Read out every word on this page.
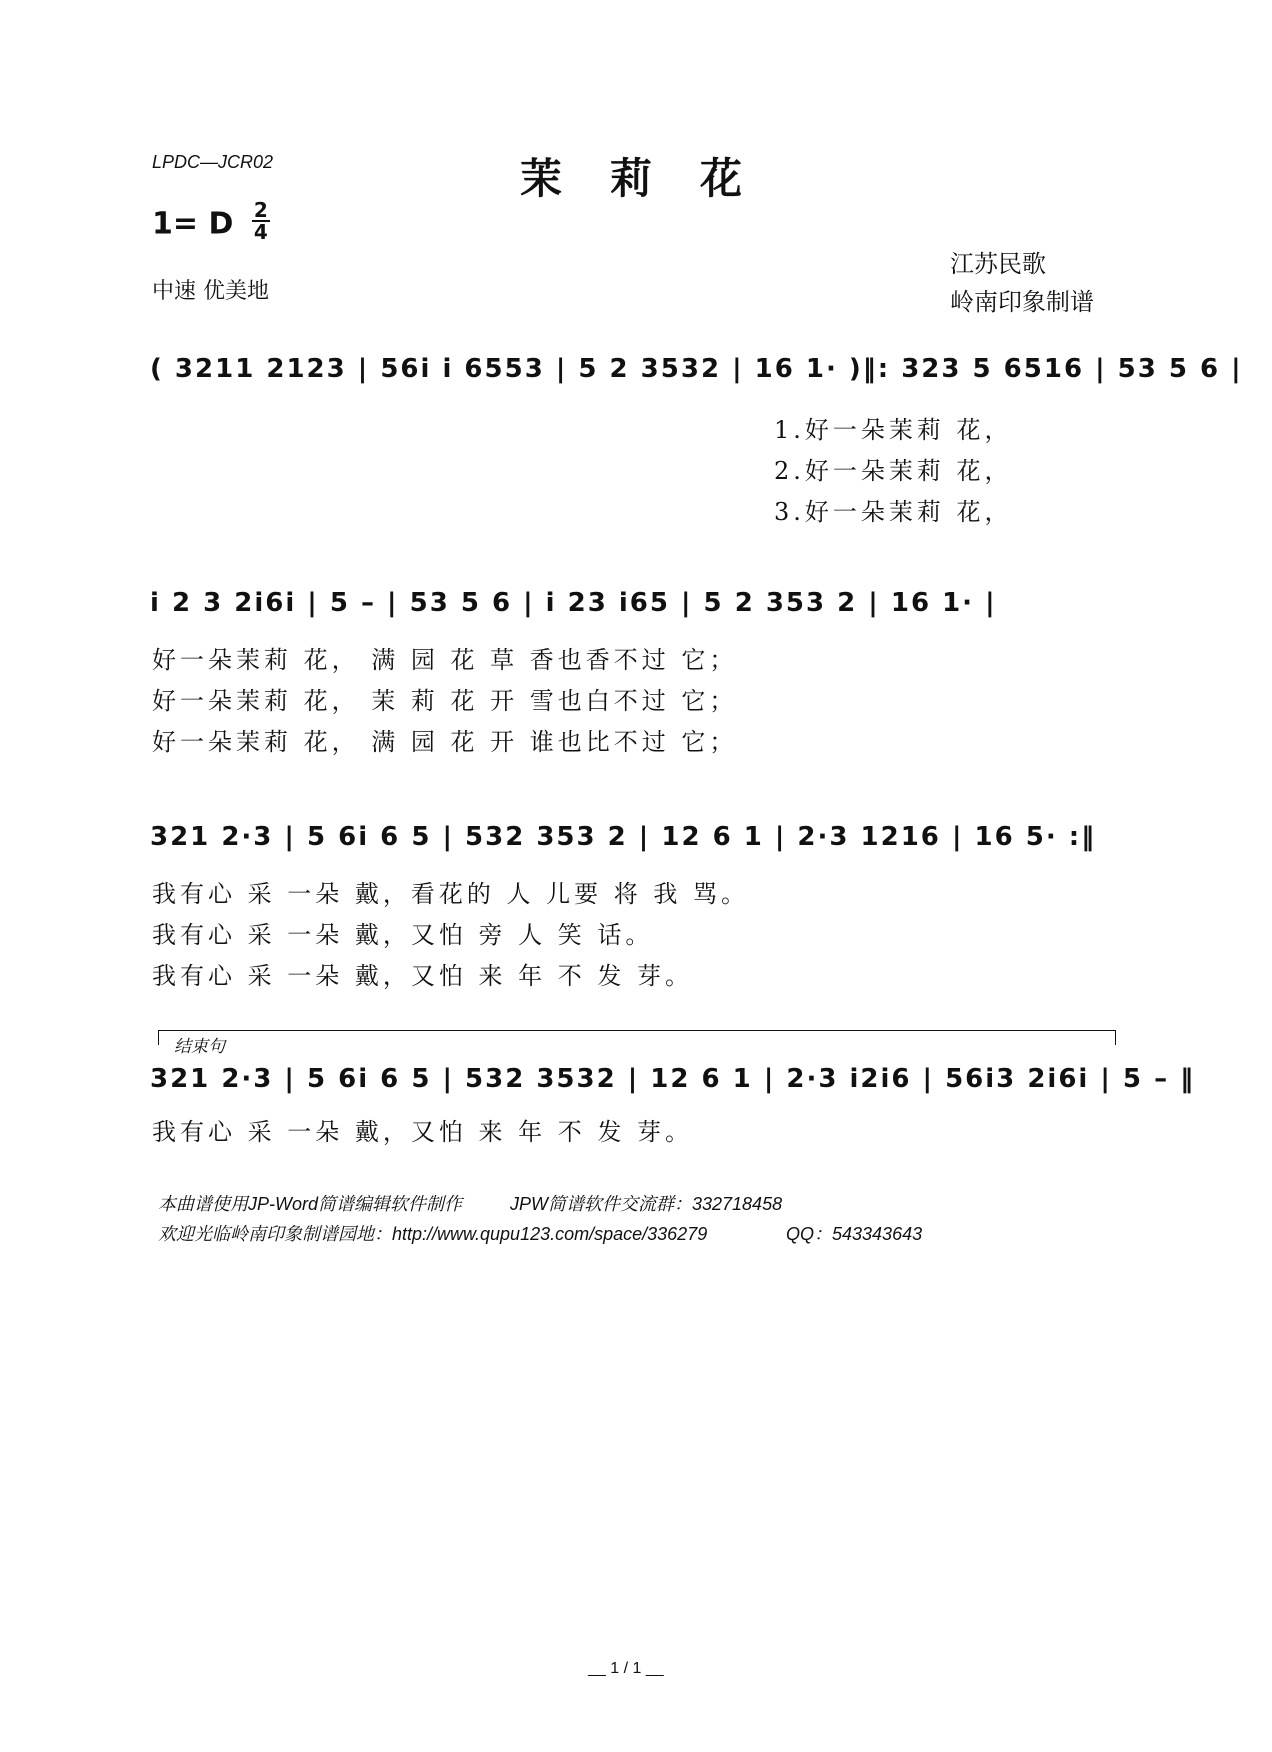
LPDC—JCR02	茉莉花
1= D $\frac{2}{4}$
中速 优美地
江苏民歌
岭南印象制谱
( 3211 2123 | 56i i 6553 | 5 2 3532 | 16 1· )‖: 323 5 6516 | 53 5 6 |
1.好一朵茉莉 花，
2.好一朵茉莉 花，
3.好一朵茉莉 花，
i 2 3 2i6i | 5 – | 53 5 6 | i 23 i65 | 5 2 353 2 | 16 1· |
好一朵茉莉 花， 满 园 花 草 香也香不过 它；
好一朵茉莉 花， 茉 莉 花 开 雪也白不过 它；
好一朵茉莉 花， 满 园 花 开 谁也比不过 它；
321 2·3 | 5 6i 6 5 | 532 353 2 | 12 6 1 | 2·3 1216 | 16 5· :‖
我有心 采 一朵 戴，看花的 人 儿要 将 我 骂。
我有心 采 一朵 戴，又怕 旁 人 笑 话。
我有心 采 一朵 戴，又怕 来 年 不 发 芽。
结束句
321 2·3 | 5 6i 6 5 | 532 3532 | 12 6 1 | 2·3 i2i6 | 56i3 2i6i | 5 – ‖
我有心 采 一朵 戴，又怕 来 年 不 发 芽。
本曲谱使用JP-Word简谱编辑软件制作	JPW简谱软件交流群：332718458
欢迎光临岭南印象制谱园地：http://www.qupu123.com/space/336279	QQ：543343643
__ 1 / 1 __
